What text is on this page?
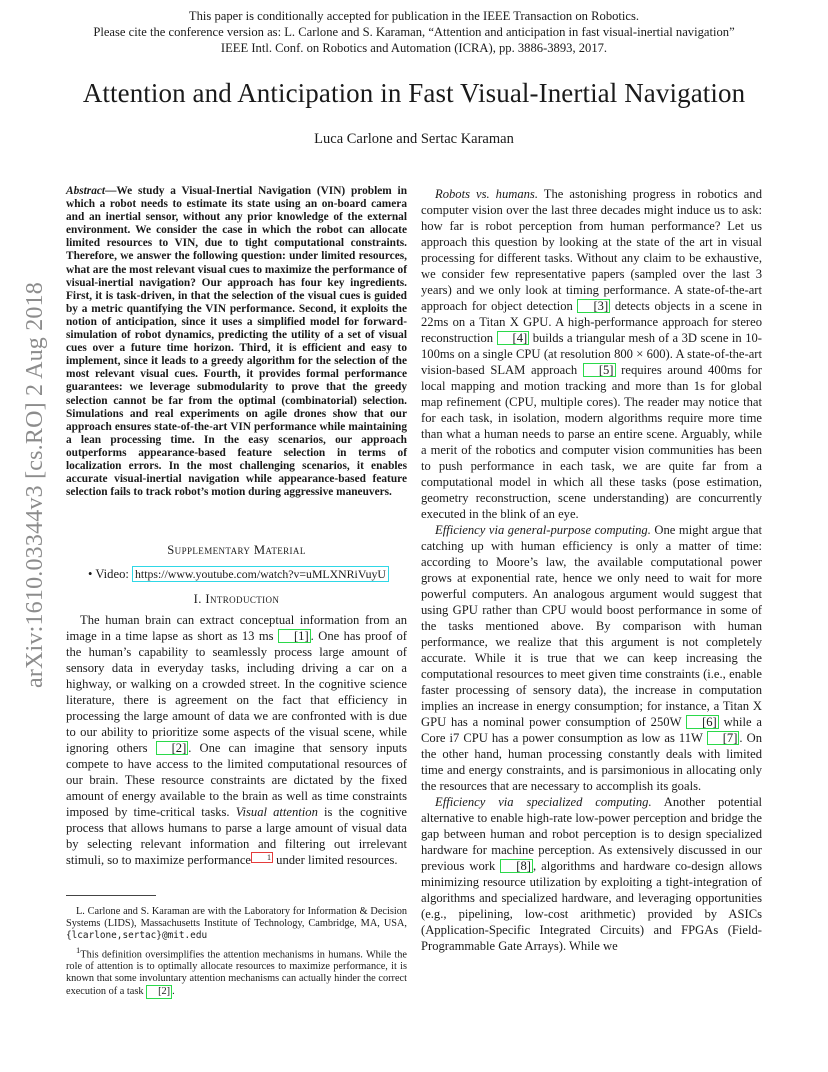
This paper is conditionally accepted for publication in the IEEE Transaction on Robotics.
Please cite the conference version as: L. Carlone and S. Karaman, “Attention and anticipation in fast visual-inertial navigation”
IEEE Intl. Conf. on Robotics and Automation (ICRA), pp. 3886-3893, 2017.
Attention and Anticipation in Fast Visual-Inertial Navigation
Luca Carlone and Sertac Karaman
arXiv:1610.03344v3 [cs.RO] 2 Aug 2018
Abstract—We study a Visual-Inertial Navigation (VIN) problem in which a robot needs to estimate its state using an on-board camera and an inertial sensor, without any prior knowledge of the external environment. We consider the case in which the robot can allocate limited resources to VIN, due to tight computational constraints. Therefore, we answer the following question: under limited resources, what are the most relevant visual cues to maximize the performance of visual-inertial navigation? Our approach has four key ingredients. First, it is task-driven, in that the selection of the visual cues is guided by a metric quantifying the VIN performance. Second, it exploits the notion of anticipation, since it uses a simplified model for forward-simulation of robot dynamics, predicting the utility of a set of visual cues over a future time horizon. Third, it is efficient and easy to implement, since it leads to a greedy algorithm for the selection of the most relevant visual cues. Fourth, it provides formal performance guarantees: we leverage submodularity to prove that the greedy selection cannot be far from the optimal (combinatorial) selection. Simulations and real experiments on agile drones show that our approach ensures state-of-the-art VIN performance while maintaining a lean processing time. In the easy scenarios, our approach outperforms appearance-based feature selection in terms of localization errors. In the most challenging scenarios, it enables accurate visual-inertial navigation while appearance-based feature selection fails to track robot’s motion during aggressive maneuvers.
Supplementary Material
• Video: https://www.youtube.com/watch?v=uMLXNRiVuyU
I. Introduction

The human brain can extract conceptual information from an image in a time lapse as short as 13 ms [1] . One has proof of the human’s capability to seamlessly process large amount of sensory data in everyday tasks, including driving a car on a highway, or walking on a crowded street. In the cognitive science literature, there is agreement on the fact that efficiency in processing the large amount of data we are confronted with is due to our ability to prioritize some aspects of the visual scene, while ignoring others [2] . One can imagine that sensory inputs compete to have access to the limited computational resources of our brain. These resource constraints are dictated by the fixed amount of energy available to the brain as well as time constraints imposed by time-critical tasks. Visual attention is the cognitive process that allows humans to parse a large amount of visual data by selecting relevant information and filtering out irrelevant stimuli, so to maximize performance 1 under limited resources.

L. Carlone and S. Karaman are with the Laboratory for Information & Decision Systems (LIDS), Massachusetts Institute of Technology, Cambridge, MA, USA, {lcarlone,sertac}@mit.edu

$^1$This definition oversimplifies the attention mechanisms in humans. While the role of attention is to optimally allocate resources to maximize performance, it is known that some involuntary attention mechanisms can actually hinder the correct execution of a task [2] .

Robots vs. humans. The astonishing progress in robotics and computer vision over the last three decades might induce us to ask: how far is robot perception from human performance? Let us approach this question by looking at the state of the art in visual processing for different tasks. Without any claim to be exhaustive, we consider few representative papers (sampled over the last 3 years) and we only look at timing performance. A state-of-the-art approach for object detection [3] detects objects in a scene in 22ms on a Titan X GPU. A high-performance approach for stereo reconstruction [4] builds a triangular mesh of a 3D scene in 10-100ms on a single CPU (at resolution 800 × 600). A state-of-the-art vision-based SLAM approach [5] requires around 400ms for local mapping and motion tracking and more than 1s for global map refinement (CPU, multiple cores). The reader may notice that for each task, in isolation, modern algorithms require more time than what a human needs to parse an entire scene. Arguably, while a merit of the robotics and computer vision communities has been to push performance in each task, we are quite far from a computational model in which all these tasks (pose estimation, geometry reconstruction, scene understanding) are concurrently executed in the blink of an eye.

Efficiency via general-purpose computing. One might argue that catching up with human efficiency is only a matter of time: according to Moore’s law, the available computational power grows at exponential rate, hence we only need to wait for more powerful computers. An analogous argument would suggest that using GPU rather than CPU would boost performance in some of the tasks mentioned above. By comparison with human performance, we realize that this argument is not completely accurate. While it is true that we can keep increasing the computational resources to meet given time constraints (i.e., enable faster processing of sensory data), the increase in computation implies an increase in energy consumption; for instance, a Titan X GPU has a nominal power consumption of 250W [6] while a Core i7 CPU has a power consumption as low as 11W [7] . On the other hand, human processing constantly deals with limited time and energy constraints, and is parsimonious in allocating only the resources that are necessary to accomplish its goals.

Efficiency via specialized computing. Another potential alternative to enable high-rate low-power perception and bridge the gap between human and robot perception is to design specialized hardware for machine perception. As extensively discussed in our previous work [8] , algorithms and hardware co-design allows minimizing resource utilization by exploiting a tight-integration of algorithms and specialized hardware, and leveraging opportunities (e.g., pipelining, low-cost arithmetic) provided by ASICs (Application-Specific Integrated Circuits) and FPGAs (Field-Programmable Gate Arrays). While we
